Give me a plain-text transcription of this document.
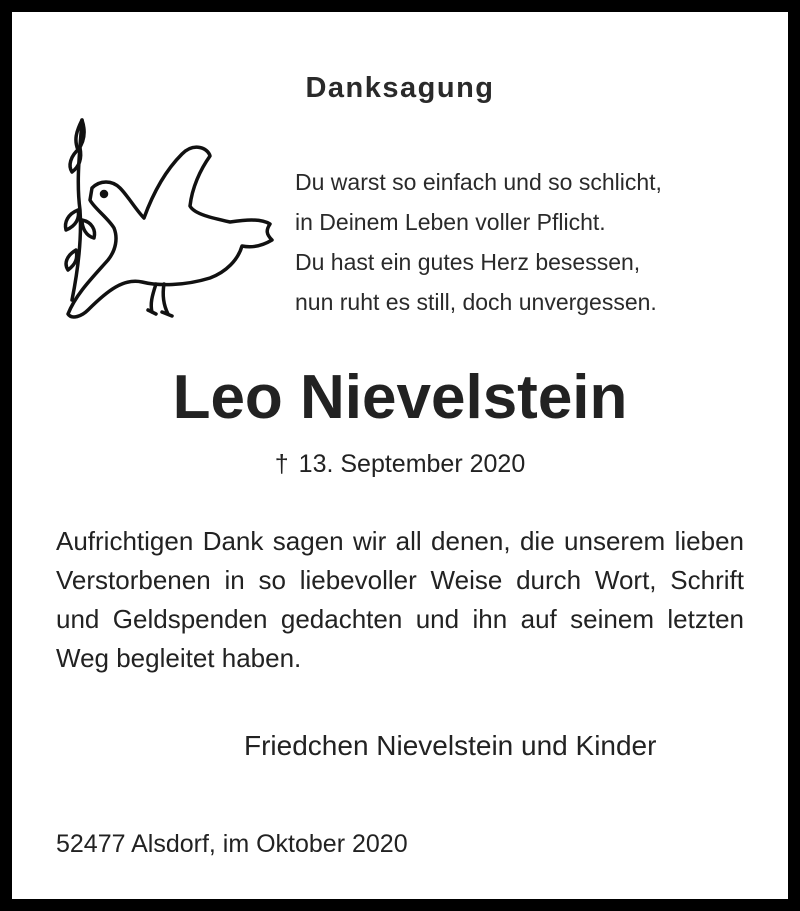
Danksagung
Du warst so einfach und so schlicht,
in Deinem Leben voller Pflicht.
Du hast ein gutes Herz besessen,
nun ruht es still, doch unvergessen.
Leo Nievelstein
† 13. September 2020
Aufrichtigen Dank sagen wir all denen, die unserem lieben Verstorbenen in so liebevoller Weise durch Wort, Schrift und Geldspenden gedachten und ihn auf seinem letzten Weg begleitet haben.
Friedchen Nievelstein und Kinder
52477 Alsdorf, im Oktober 2020
